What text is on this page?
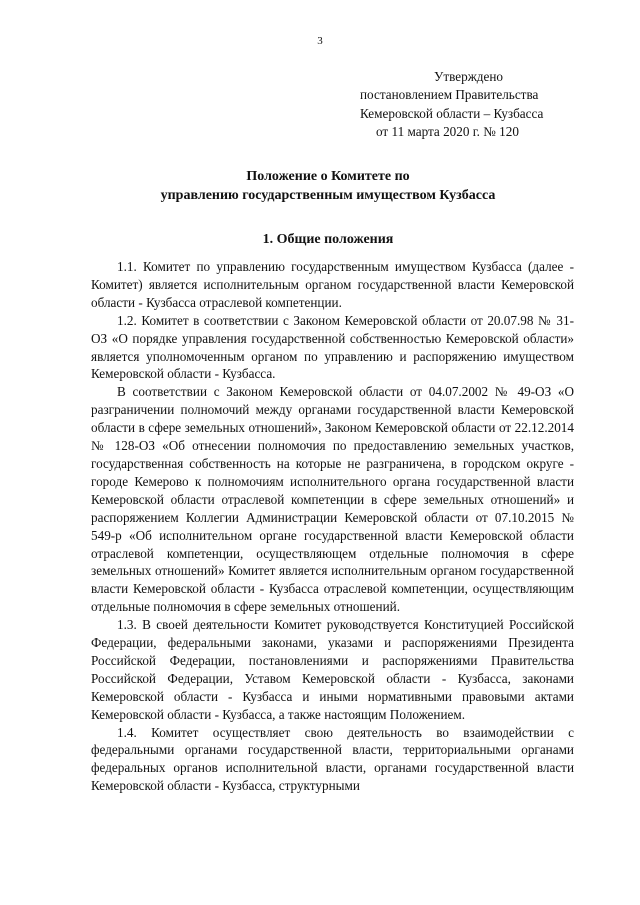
3
Утверждено
постановлением Правительства
Кемеровской области – Кузбасса
от 11 марта 2020 г. № 120
Положение о Комитете по
управлению государственным имуществом Кузбасса
1. Общие положения

1.1. Комитет по управлению государственным имуществом Кузбасса (далее - Комитет) является исполнительным органом государственной власти Кемеровской области - Кузбасса отраслевой компетенции.

1.2. Комитет в соответствии с Законом Кемеровской области от 20.07.98 № 31-ОЗ «О порядке управления государственной собственностью Кемеровской области» является уполномоченным органом по управлению и распоряжению имуществом Кемеровской области - Кузбасса.

В соответствии с Законом Кемеровской области от 04.07.2002 № 49-ОЗ «О разграничении полномочий между органами государственной власти Кемеровской области в сфере земельных отношений», Законом Кемеровской области от 22.12.2014 № 128-ОЗ «Об отнесении полномочия по предоставлению земельных участков, государственная собственность на которые не разграничена, в городском округе - городе Кемерово к полномочиям исполнительного органа государственной власти Кемеровской области отраслевой компетенции в сфере земельных отношений» и распоряжением Коллегии Администрации Кемеровской области от 07.10.2015 № 549-р «Об исполнительном органе государственной власти Кемеровской области отраслевой компетенции, осуществляющем отдельные полномочия в сфере земельных отношений» Комитет является исполнительным органом государственной власти Кемеровской области - Кузбасса отраслевой компетенции, осуществляющим отдельные полномочия в сфере земельных отношений.

1.3. В своей деятельности Комитет руководствуется Конституцией Российской Федерации, федеральными законами, указами и распоряжениями Президента Российской Федерации, постановлениями и распоряжениями Правительства Российской Федерации, Уставом Кемеровской области - Кузбасса, законами Кемеровской области - Кузбасса и иными нормативными правовыми актами Кемеровской области - Кузбасса, а также настоящим Положением.

1.4. Комитет осуществляет свою деятельность во взаимодействии с федеральными органами государственной власти, территориальными органами федеральных органов исполнительной власти, органами государственной власти Кемеровской области - Кузбасса, структурными
